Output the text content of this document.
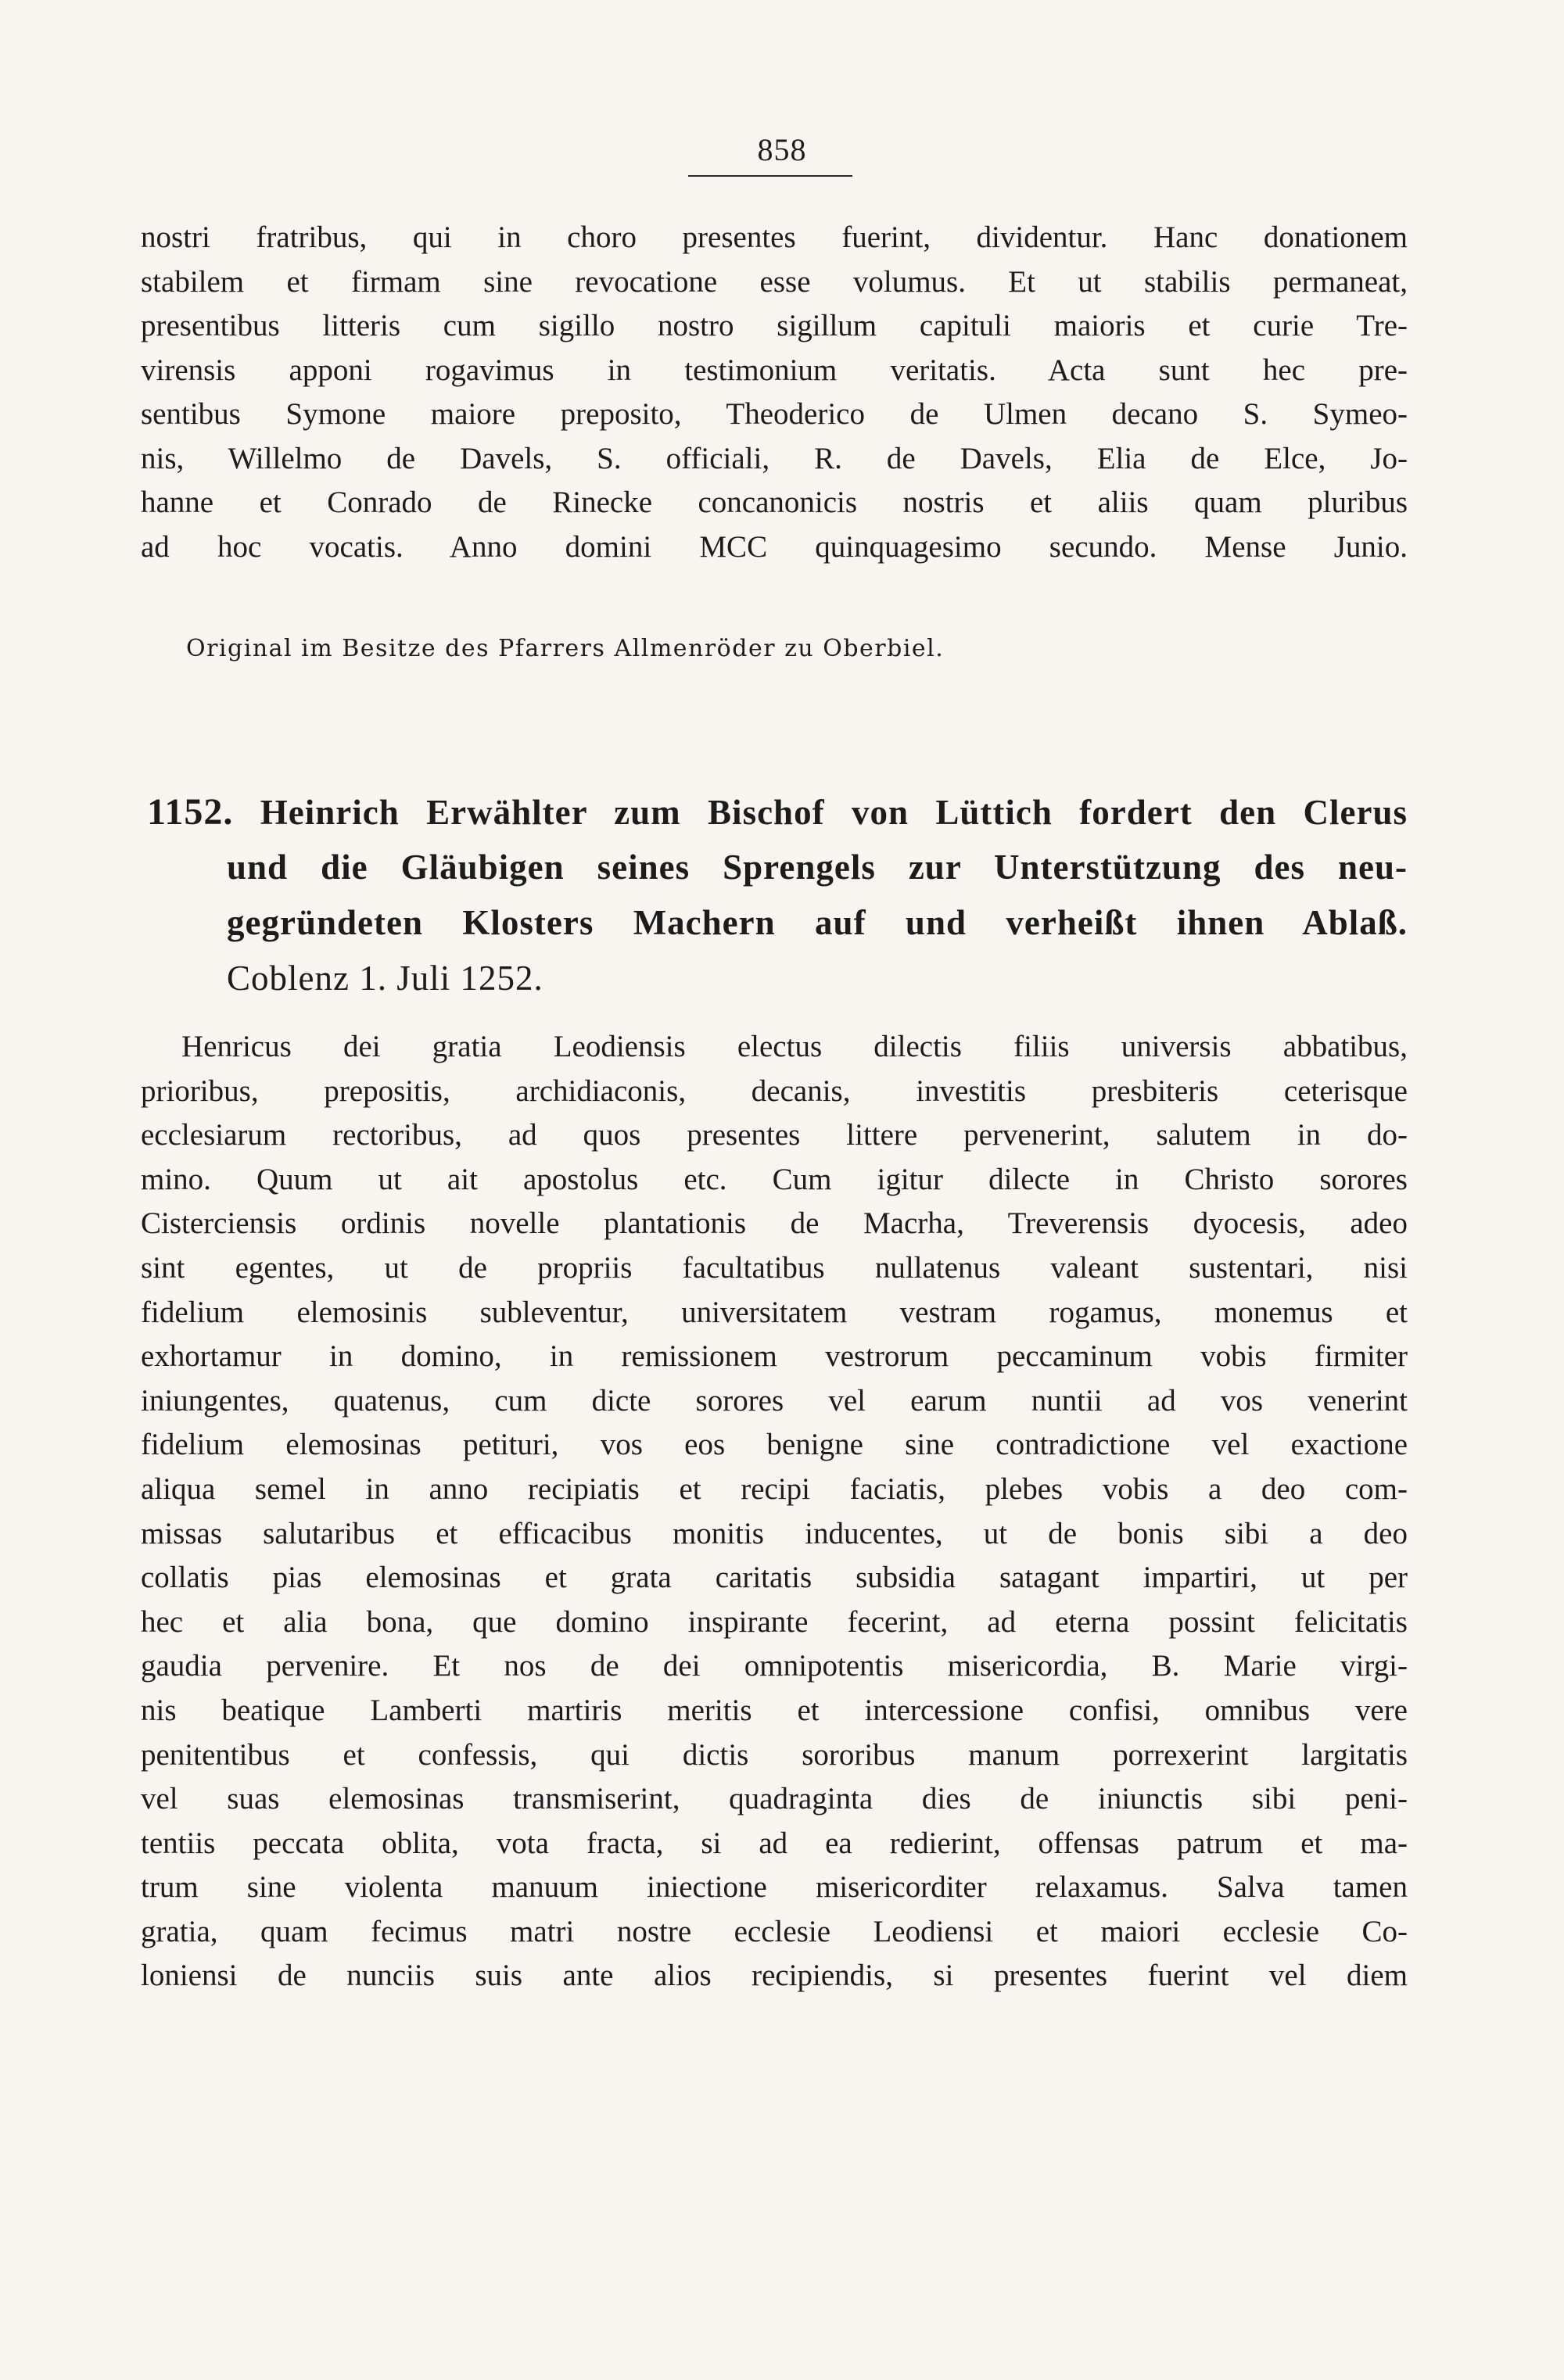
858
nostri fratribus, qui in choro presentes fuerint, dividentur. Hanc donationem
stabilem et firmam sine revocatione esse volumus. Et ut stabilis permaneat,
presentibus litteris cum sigillo nostro sigillum capituli maioris et curie Tre-
virensis apponi rogavimus in testimonium veritatis. Acta sunt hec pre-
sentibus Symone maiore preposito, Theoderico de Ulmen decano S. Symeo-
nis, Willelmo de Davels, S. officiali, R. de Davels, Elia de Elce, Jo-
hanne et Conrado de Rinecke concanonicis nostris et aliis quam pluribus
ad hoc vocatis. Anno domini MCC quinquagesimo secundo. Mense Junio.
Original im Besitze des Pfarrers Allmenröder zu Oberbiel.
1152. Heinrich Erwählter zum Bischof von Lüttich fordert den Clerus
und die Gläubigen seines Sprengels zur Unterstützung des neu-
gegründeten Klosters Machern auf und verheißt ihnen Ablaß.
Coblenz 1. Juli 1252.
Henricus dei gratia Leodiensis electus dilectis filiis universis abbatibus,
prioribus, prepositis, archidiaconis, decanis, investitis presbiteris ceterisque
ecclesiarum rectoribus, ad quos presentes littere pervenerint, salutem in do-
mino. Quum ut ait apostolus etc. Cum igitur dilecte in Christo sorores
Cisterciensis ordinis novelle plantationis de Macrha, Treverensis dyocesis, adeo
sint egentes, ut de propriis facultatibus nullatenus valeant sustentari, nisi
fidelium elemosinis subleventur, universitatem vestram rogamus, monemus et
exhortamur in domino, in remissionem vestrorum peccaminum vobis firmiter
iniungentes, quatenus, cum dicte sorores vel earum nuntii ad vos venerint
fidelium elemosinas petituri, vos eos benigne sine contradictione vel exactione
aliqua semel in anno recipiatis et recipi faciatis, plebes vobis a deo com-
missas salutaribus et efficacibus monitis inducentes, ut de bonis sibi a deo
collatis pias elemosinas et grata caritatis subsidia satagant impartiri, ut per
hec et alia bona, que domino inspirante fecerint, ad eterna possint felicitatis
gaudia pervenire. Et nos de dei omnipotentis misericordia, B. Marie virgi-
nis beatique Lamberti martiris meritis et intercessione confisi, omnibus vere
penitentibus et confessis, qui dictis sororibus manum porrexerint largitatis
vel suas elemosinas transmiserint, quadraginta dies de iniunctis sibi peni-
tentiis peccata oblita, vota fracta, si ad ea redierint, offensas patrum et ma-
trum sine violenta manuum iniectione misericorditer relaxamus. Salva tamen
gratia, quam fecimus matri nostre ecclesie Leodiensi et maiori ecclesie Co-
loniensi de nunciis suis ante alios recipiendis, si presentes fuerint vel diem
